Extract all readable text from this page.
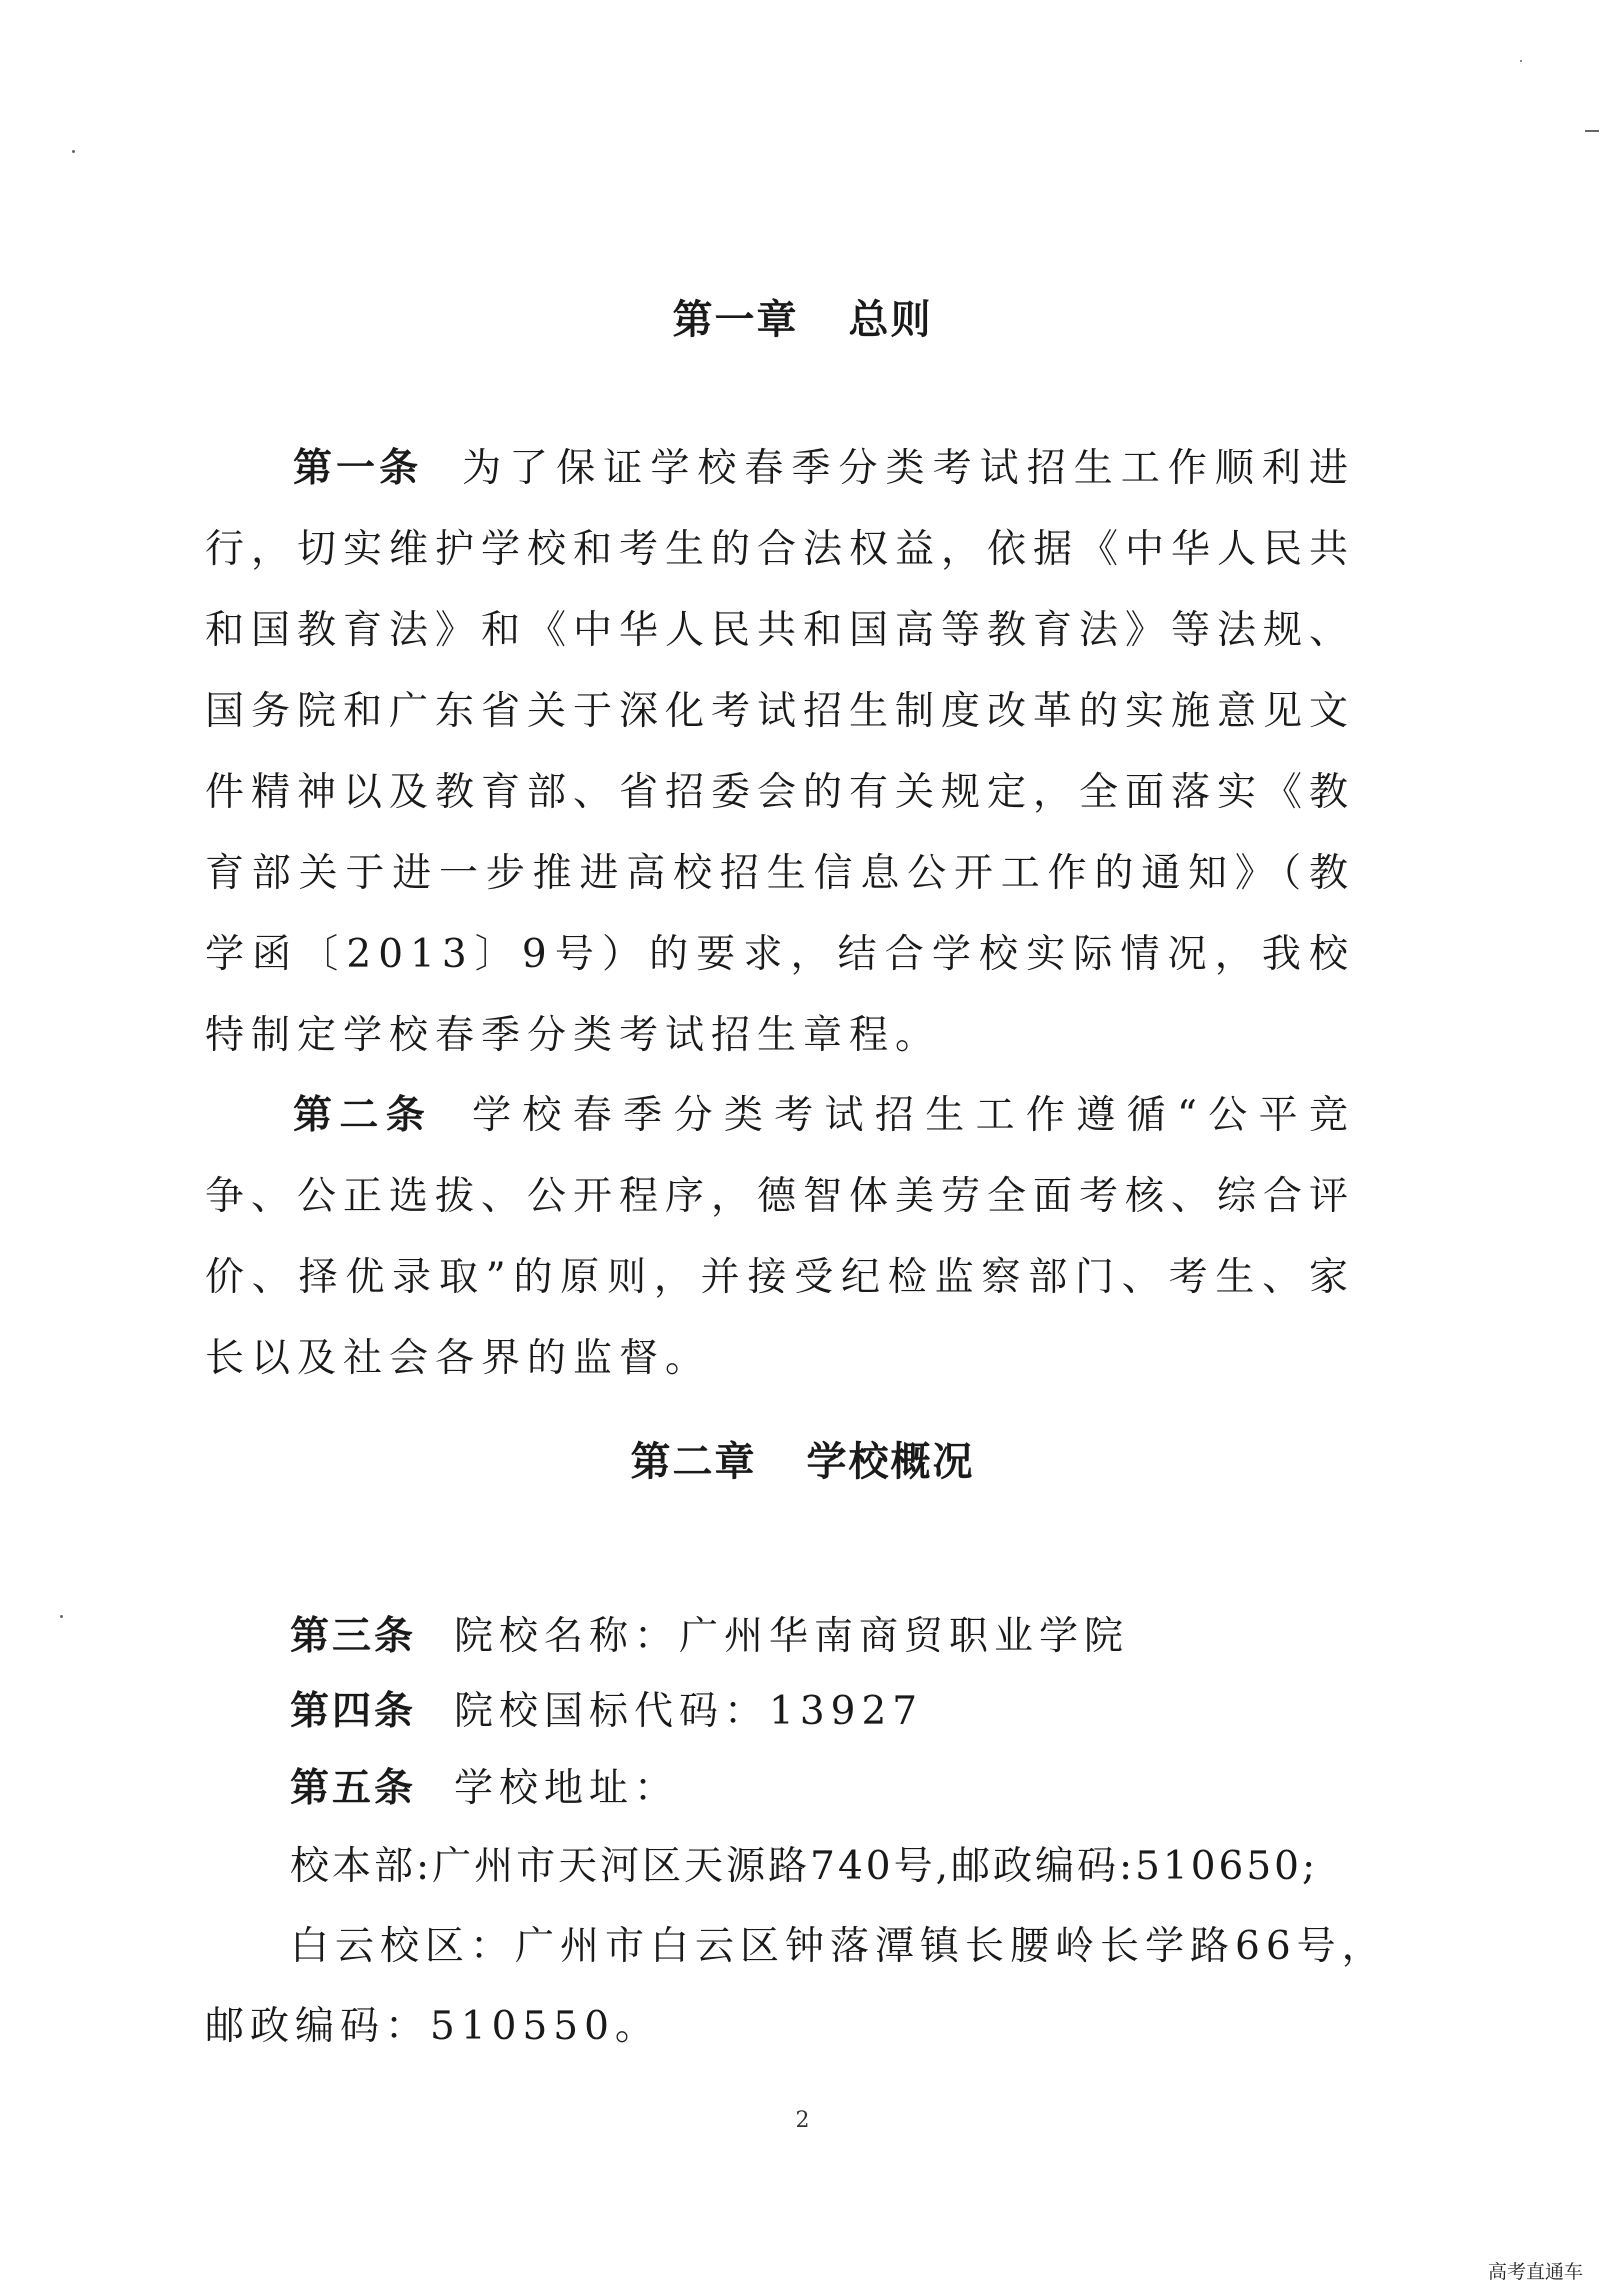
第一章 总则
第一条 为了保证学校春季分类考试招生工作顺利进行，切实维护学校和考生的合法权益，依据《中华人民共和国教育法》和《中华人民共和国高等教育法》等法规、国务院和广东省关于深化考试招生制度改革的实施意见文件精神以及教育部、省招委会的有关规定，全面落实《教育部关于进一步推进高校招生信息公开工作的通知》（教学函〔2013〕9号）的要求，结合学校实际情况，我校特制定学校春季分类考试招生章程。
第二条 学校春季分类考试招生工作遵循“公平竞争、公正选拔、公开程序，德智体美劳全面考核、综合评价、择优录取”的原则，并接受纪检监察部门、考生、家长以及社会各界的监督。
第二章 学校概况
第三条 院校名称：广州华南商贸职业学院
第四条 院校国标代码：13927
第五条 学校地址：
校本部:广州市天河区天源路740号,邮政编码:510650;
白云校区：广州市白云区钟落潭镇长腰岭长学路66号，
邮政编码：510550。
2
高考直通车
